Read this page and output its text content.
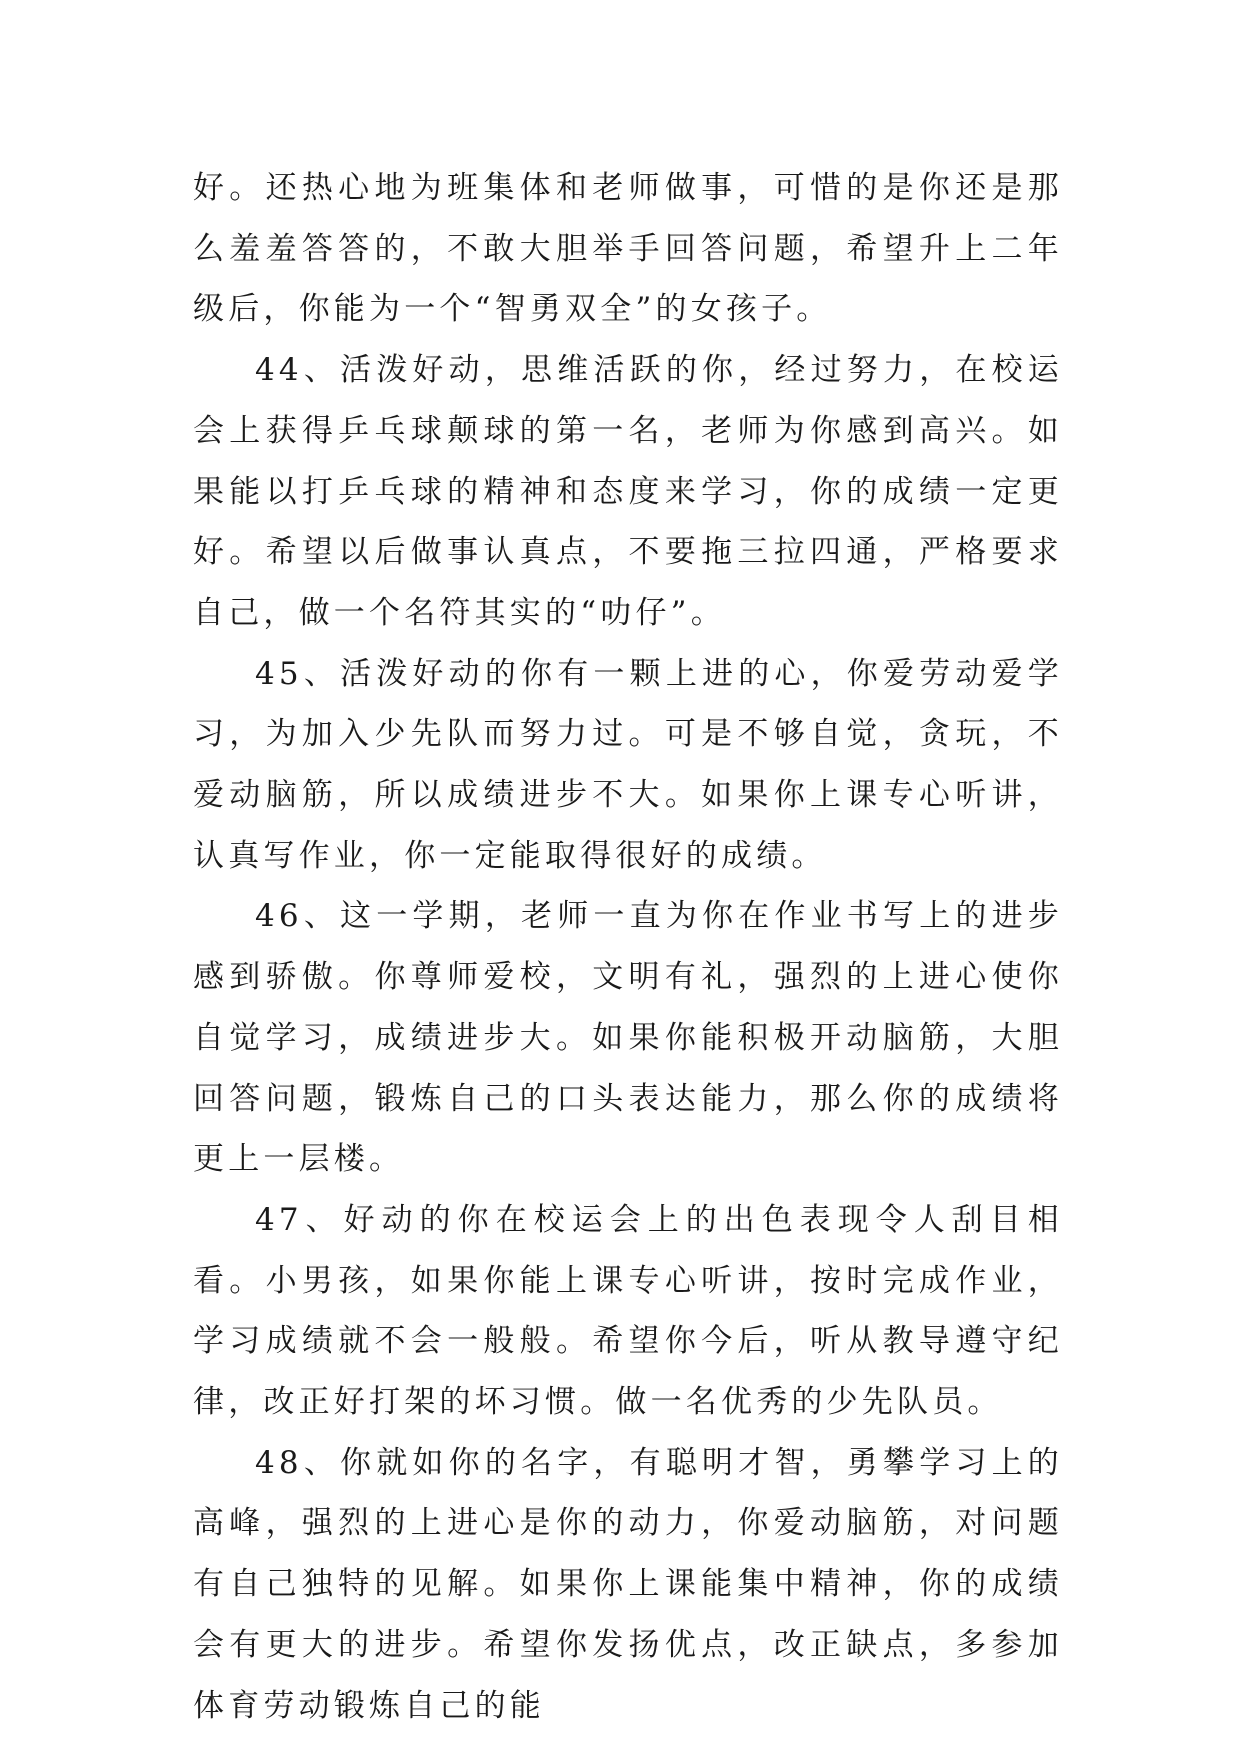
好。还热心地为班集体和老师做事，可惜的是你还是那么羞羞答答的，不敢大胆举手回答问题，希望升上二年级后，你能为一个“智勇双全”的女孩子。

44、活泼好动，思维活跃的你，经过努力，在校运会上获得乒乓球颠球的第一名，老师为你感到高兴。如果能以打乒乓球的精神和态度来学习，你的成绩一定更好。希望以后做事认真点，不要拖三拉四通，严格要求自己，做一个名符其实的“叻仔”。

45、活泼好动的你有一颗上进的心，你爱劳动爱学习，为加入少先队而努力过。可是不够自觉，贪玩，不爱动脑筋，所以成绩进步不大。如果你上课专心听讲，认真写作业，你一定能取得很好的成绩。

46、这一学期，老师一直为你在作业书写上的进步感到骄傲。你尊师爱校，文明有礼，强烈的上进心使你自觉学习，成绩进步大。如果你能积极开动脑筋，大胆回答问题，锻炼自己的口头表达能力，那么你的成绩将更上一层楼。

47、好动的你在校运会上的出色表现令人刮目相看。小男孩，如果你能上课专心听讲，按时完成作业，学习成绩就不会一般般。希望你今后，听从教导遵守纪律，改正好打架的坏习惯。做一名优秀的少先队员。

48、你就如你的名字，有聪明才智，勇攀学习上的高峰，强烈的上进心是你的动力，你爱动脑筋，对问题有自己独特的见解。如果你上课能集中精神，你的成绩会有更大的进步。希望你发扬优点，改正缺点，多参加体育劳动锻炼自己的能
